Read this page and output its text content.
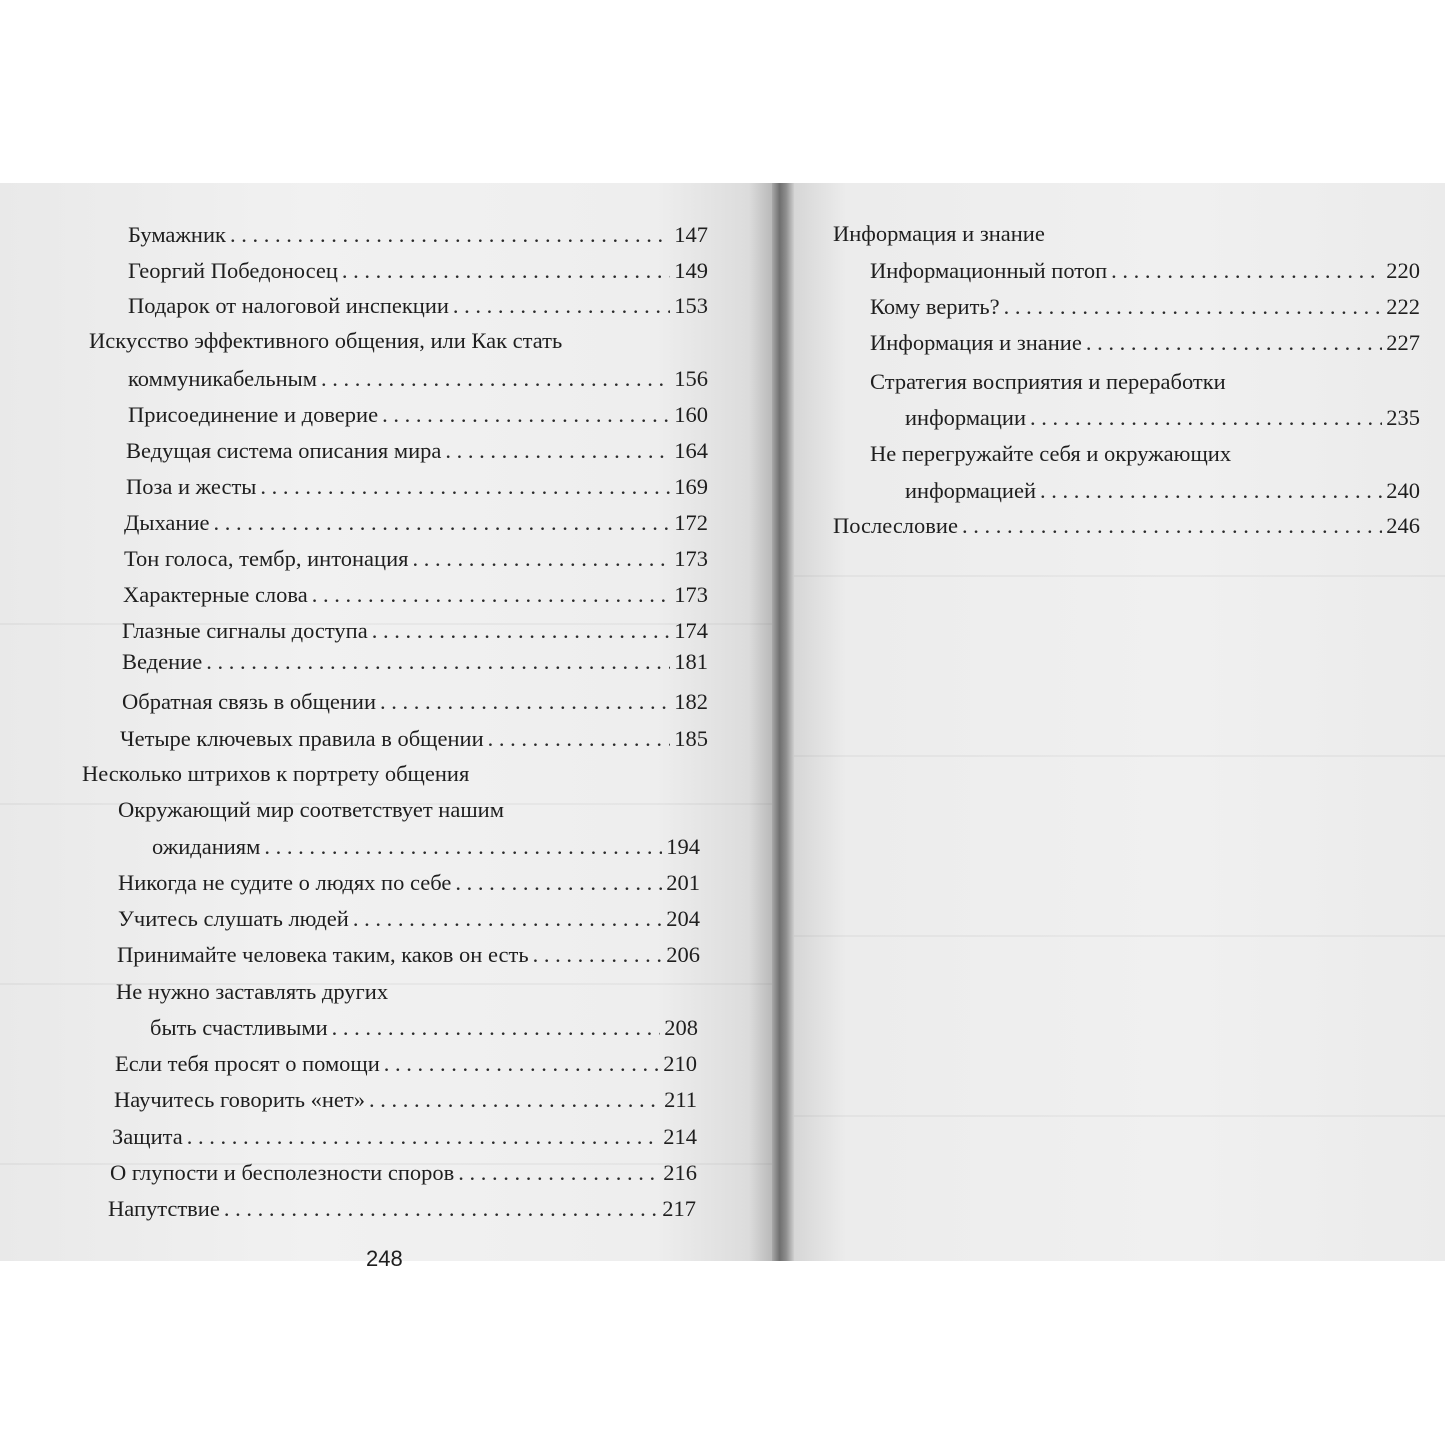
Бумажник . . .	147
Георгий Победоносец . . .	149
Подарок от налоговой инспекции . . .	153
Искусство эффективного общения, или Как стать
коммуникабельным . . .	156
Присоединение и доверие . . .	160
Ведущая система описания мира . . .	164
Поза и жесты . . .	169
Дыхание . . .	172
Тон голоса, тембр, интонация . . .	173
Характерные слова . . .	173
Глазные сигналы доступа . . .	174
Ведение . . .	181
Обратная связь в общении . . .	182
Четыре ключевых правила в общении . . .	185
Несколько штрихов к портрету общения
Окружающий мир соответствует нашим
ожиданиям . . .	194
Никогда не судите о людях по себе . . .	201
Учитесь слушать людей . . .	204
Принимайте человека таким, каков он есть . . .	206
Не нужно заставлять других
быть счастливыми . . .	208
Если тебя просят о помощи . . .	210
Научитесь говорить «нет» . . .	211
Защита . . .	214
О глупости и бесполезности споров . . .	216
Напутствие . . .	217
248
Информация и знание
Информационный потоп . . .	220
Кому верить? . . .	222
Информация и знание . . .	227
Стратегия восприятия и переработки
информации . . .	235
Не перегружайте себя и окружающих
информацией . . .	240
Послесловие . . .	246
